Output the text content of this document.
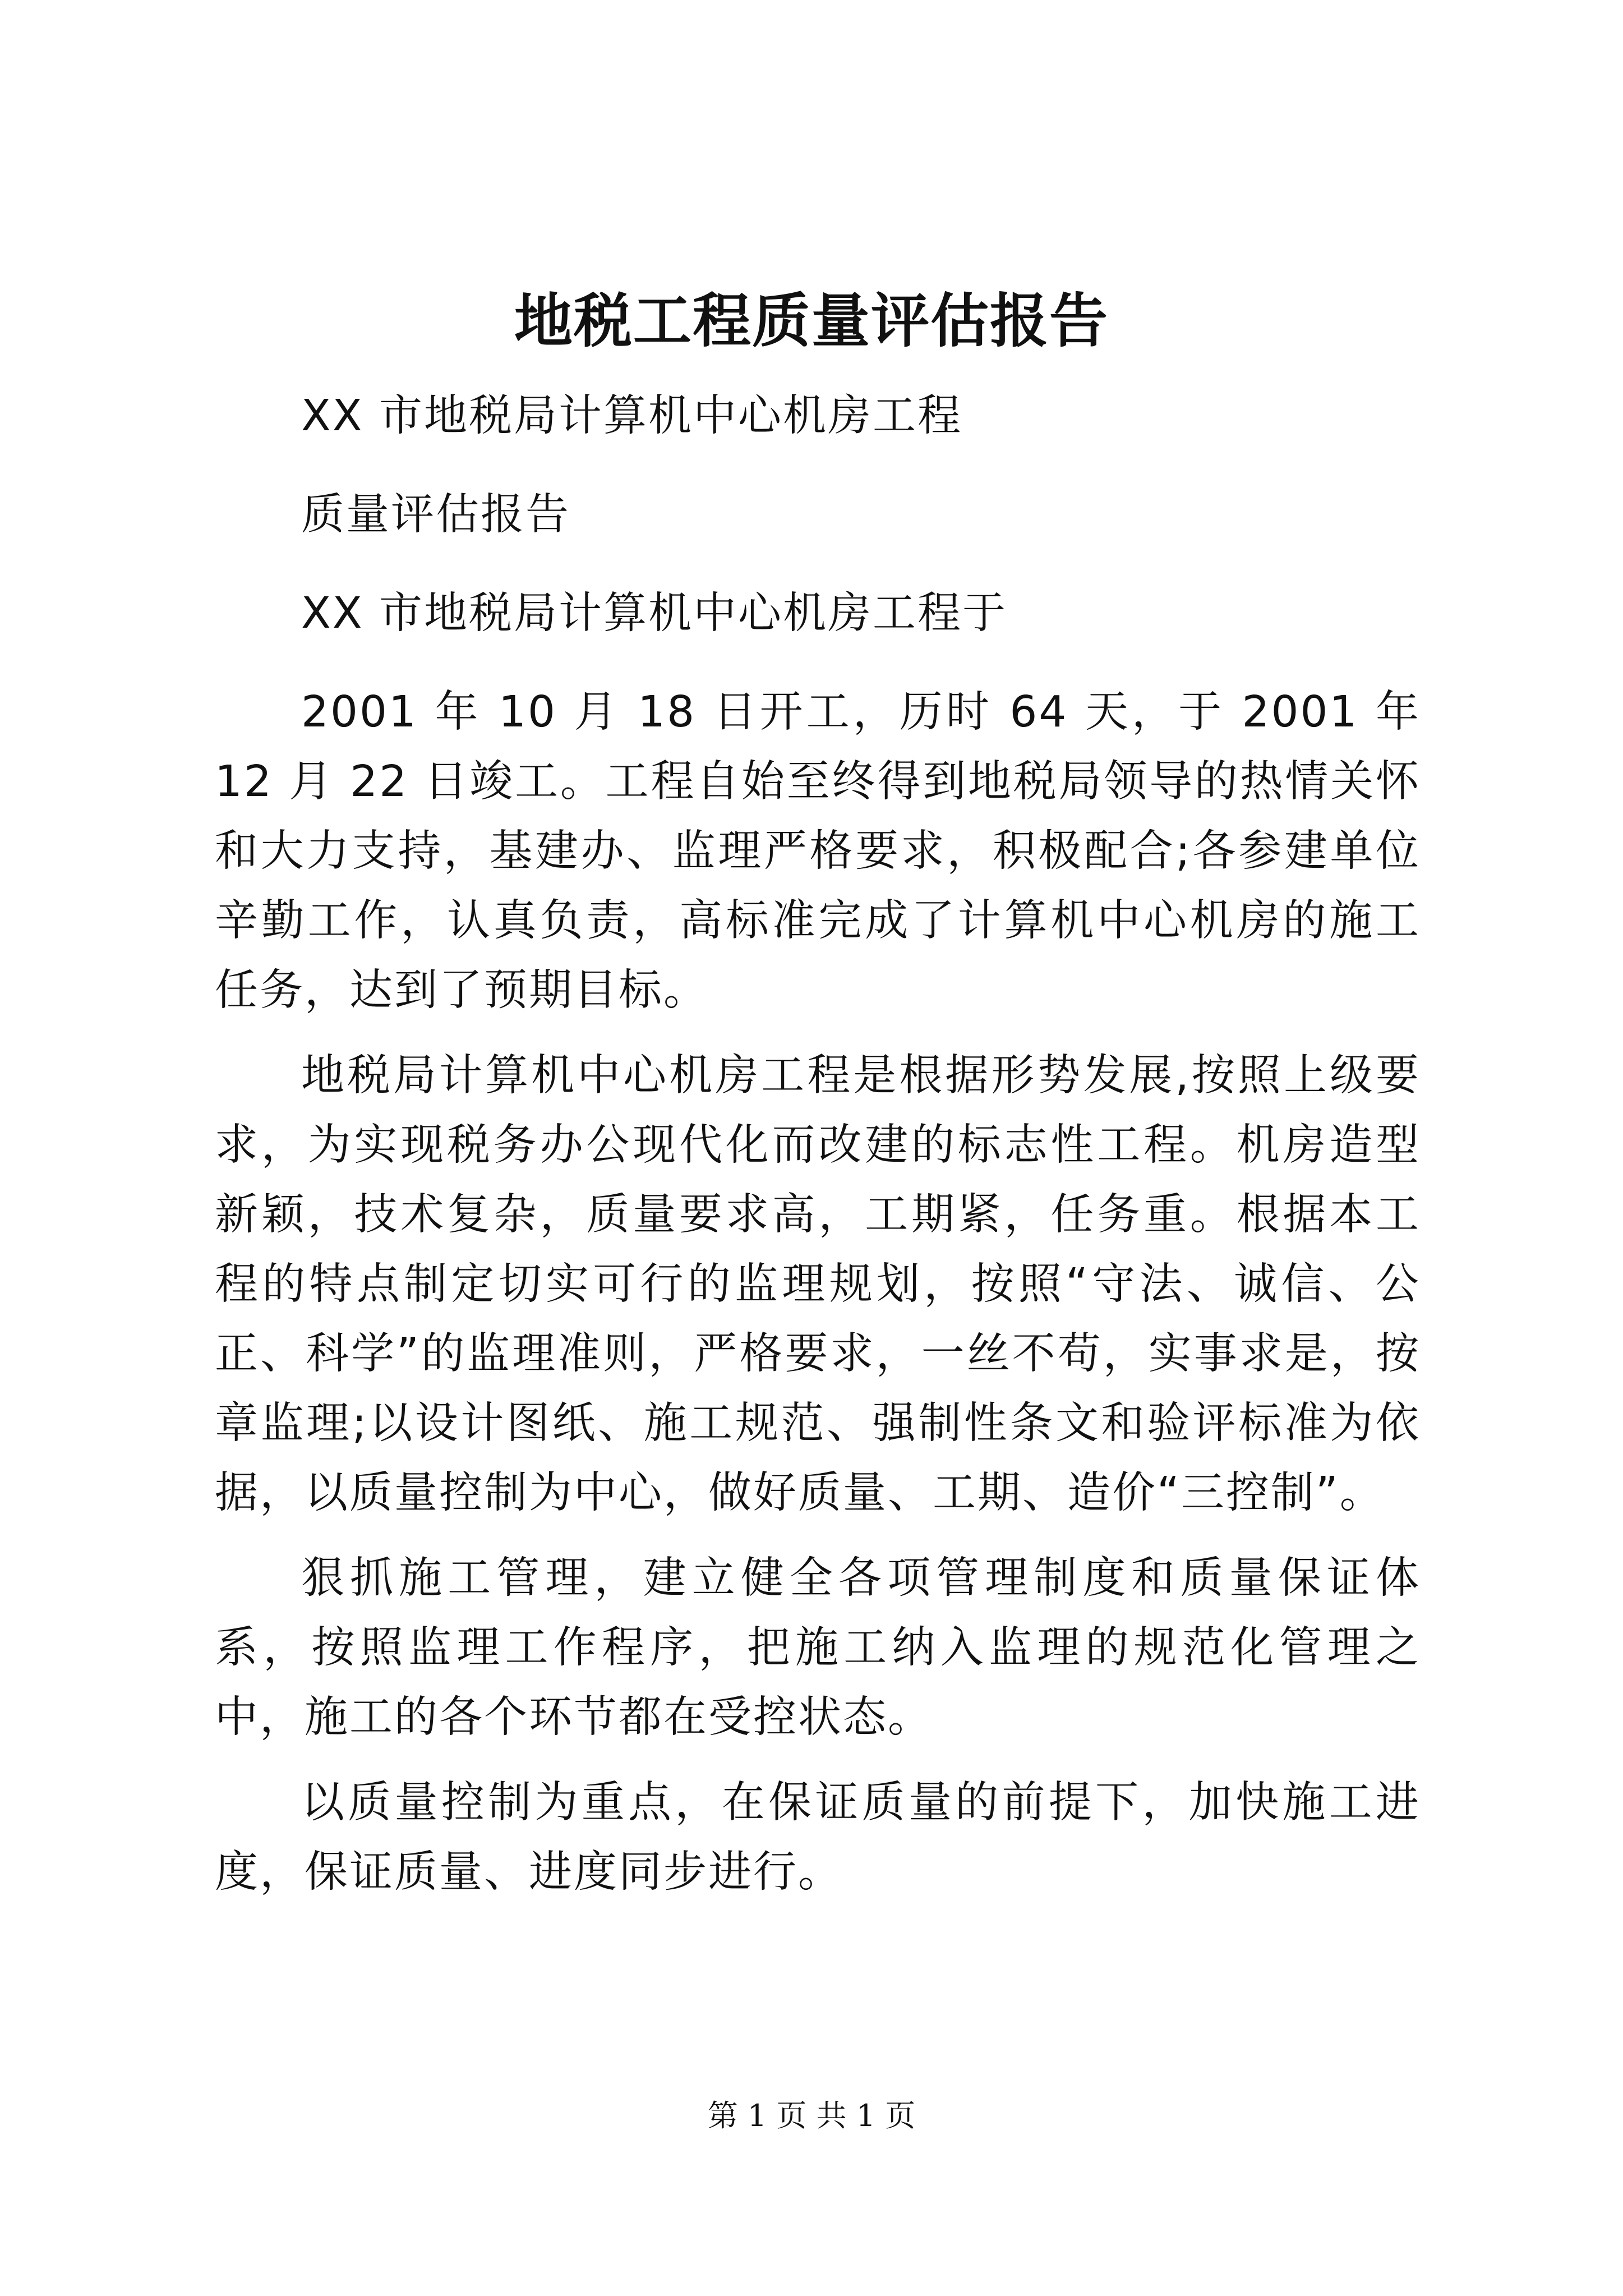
地税工程质量评估报告

XX 市地税局计算机中心机房工程

质量评估报告

XX 市地税局计算机中心机房工程于

2001 年 10 月 18 日开工，历时 64 天，于 2001 年 12 月 22 日竣工。工程自始至终得到地税局领导的热情关怀和大力支持，基建办、监理严格要求，积极配合;各参建单位辛勤工作，认真负责，高标准完成了计算机中心机房的施工任务，达到了预期目标。

地税局计算机中心机房工程是根据形势发展,按照上级要求，为实现税务办公现代化而改建的标志性工程。机房造型新颖，技术复杂，质量要求高，工期紧，任务重。根据本工程的特点制定切实可行的监理规划，按照“守法、诚信、公正、科学”的监理准则，严格要求，一丝不苟，实事求是，按章监理;以设计图纸、施工规范、强制性条文和验评标准为依据，以质量控制为中心，做好质量、工期、造价“三控制”。

狠抓施工管理，建立健全各项管理制度和质量保证体系，按照监理工作程序，把施工纳入监理的规范化管理之中，施工的各个环节都在受控状态。

以质量控制为重点，在保证质量的前提下，加快施工进度，保证质量、进度同步进行。

第 1 页 共 1 页
